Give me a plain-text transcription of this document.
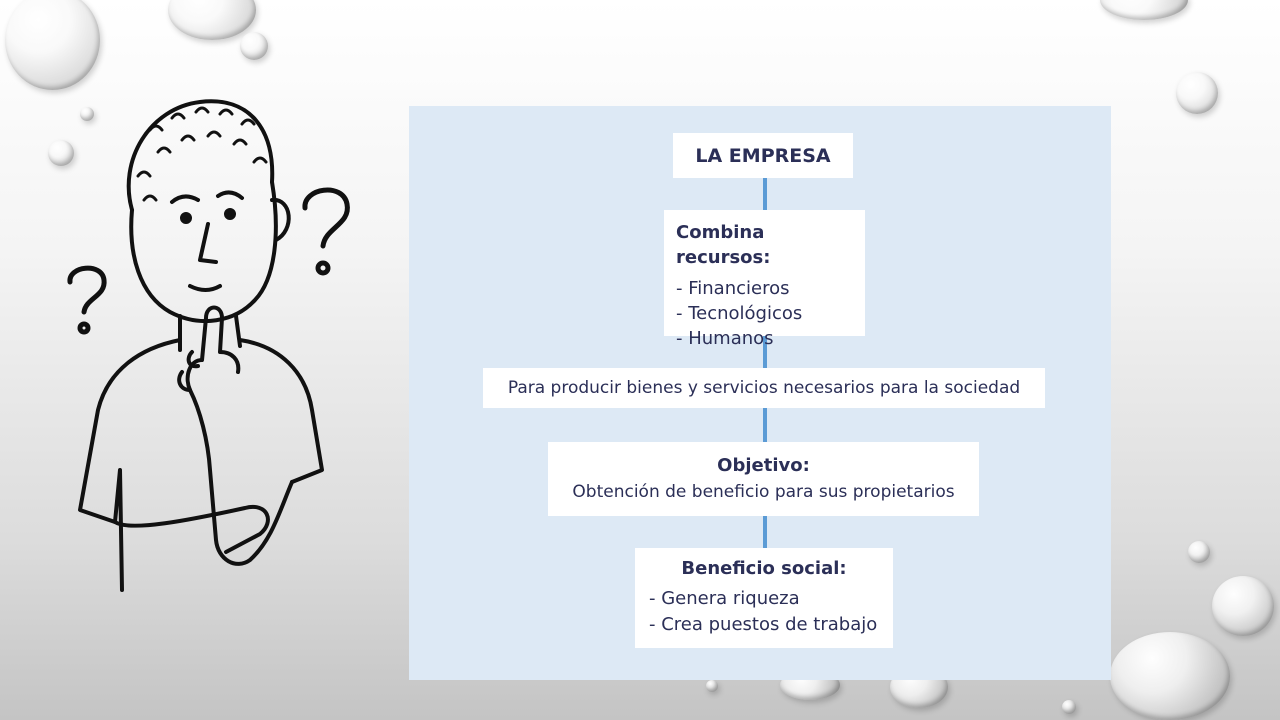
LA EMPRESA
Combina recursos:
- Financieros
- Tecnológicos
- Humanos
Para producir bienes y servicios necesarios para la sociedad
Objetivo:
Obtención de beneficio para sus propietarios
Beneficio social:
- Genera riqueza
- Crea puestos de trabajo
